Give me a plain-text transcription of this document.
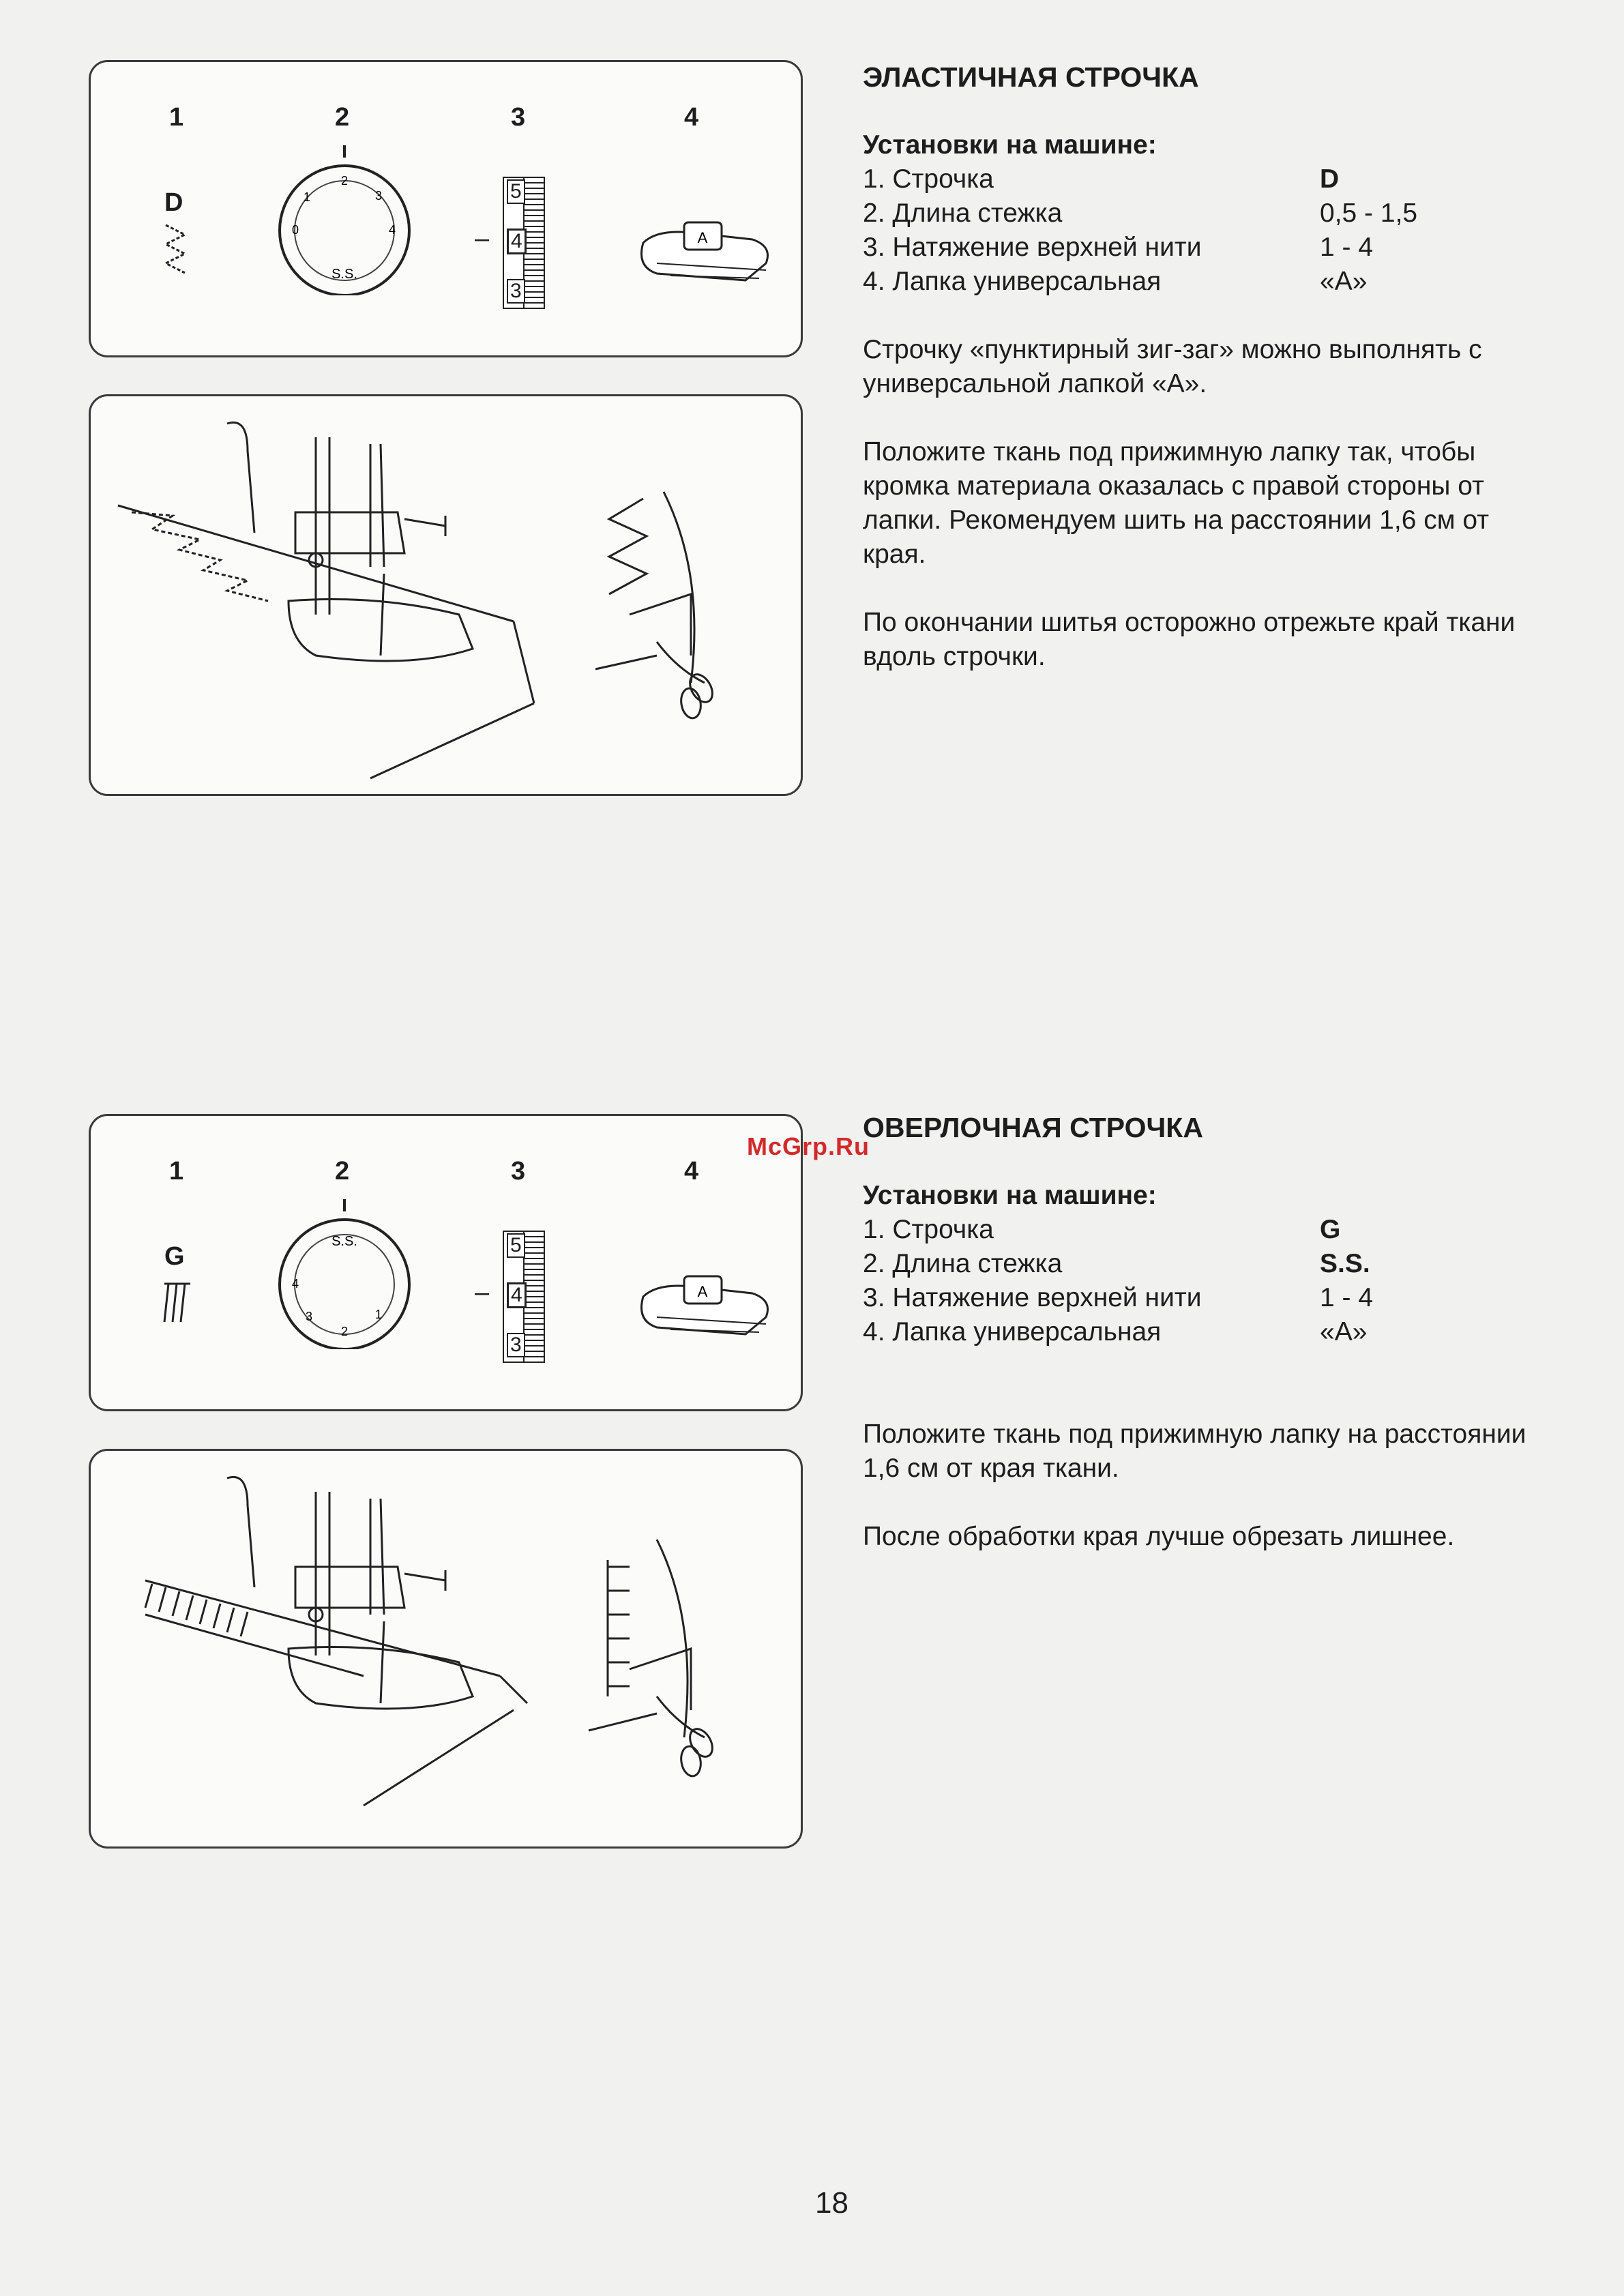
1	2	3	4
D
2
3
4
1
0
S.S.
–
5
4
3
A
1	2	3	4
G
S.S.
1
2
3
4	–
5
4
3
A

ЭЛАСТИЧНАЯ СТРОЧКА

Установки на машине:

1. Строчка	D
2. Длина стежка	0,5 - 1,5
3. Натяжение верхней нити	1 - 4
4. Лапка универсальная	«А»

Строчку «пунктирный зиг-заг» можно выполнять с универсальной лапкой «А».

Положите ткань под прижимную лапку так, чтобы кромка материала оказалась с правой стороны от лапки. Рекомендуем шить на расстоянии 1,6 см от края.

По окончании шитья осторожно отрежьте край ткани вдоль строчки.

ОВЕРЛОЧНАЯ СТРОЧКА

Установки на машине:

1. Строчка	G
2. Длина стежка	S.S.
3. Натяжение верхней нити	1 - 4
4. Лапка универсальная	«А»

Положите ткань под прижимную лапку на расстоянии 1,6 см от края ткани.

После обработки края лучше обрезать лишнее.

McGrp.Ru
18
